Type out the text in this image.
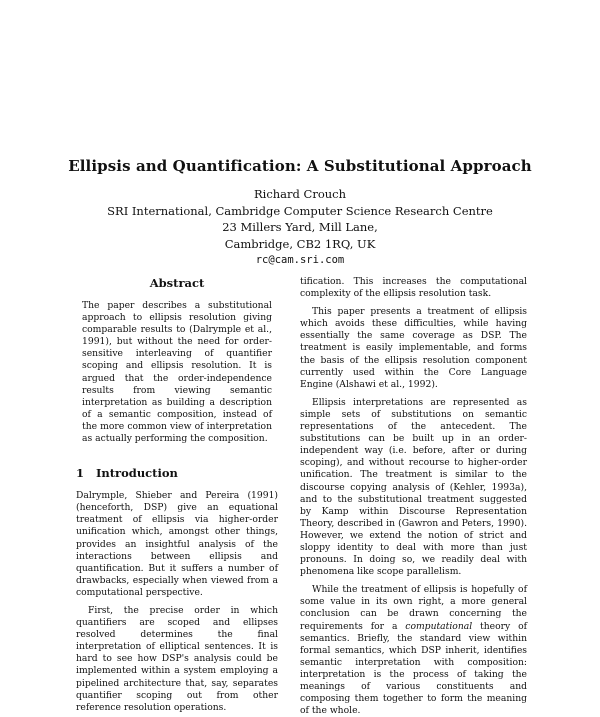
Ellipsis and Quantification: A Substitutional Approach
Richard Crouch
SRI International, Cambridge Computer Science Research Centre
23 Millers Yard, Mill Lane,
Cambridge, CB2 1RQ, UK
rc@cam.sri.com
Abstract

The paper describes a substitutional approach to ellipsis resolution giving comparable results to (Dalrymple et al., 1991), but without the need for order-sensitive interleaving of quantifier scoping and ellipsis resolution. It is argued that the order-independence results from viewing semantic interpretation as building a description of a semantic composition, instead of the more common view of interpretation as actually performing the composition.

1 Introduction

Dalrymple, Shieber and Pereira (1991) (henceforth, DSP) give an equational treatment of ellipsis via higher-order unification which, amongst other things, provides an insightful analysis of the interactions between ellipsis and quantification. But it suffers a number of drawbacks, especially when viewed from a computational perspective.

First, the precise order in which quantifiers are scoped and ellipses resolved determines the final interpretation of elliptical sentences. It is hard to see how DSP's analysis could be implemented within a system employing a pipelined architecture that, say, separates quantifier scoping out from other reference resolution operations.

tification. This increases the computational complexity of the ellipsis resolution task.

This paper presents a treatment of ellipsis which avoids these difficulties, while having essentially the same coverage as DSP. The treatment is easily implementable, and forms the basis of the ellipsis resolution component currently used within the Core Language Engine (Alshawi et al., 1992).

Ellipsis interpretations are represented as simple sets of substitutions on semantic representations of the antecedent. The substitutions can be built up in an order-independent way (i.e. before, after or during scoping), and without recourse to higher-order unification. The treatment is similar to the discourse copying analysis of (Kehler, 1993a), and to the substitutional treatment suggested by Kamp within Discourse Representation Theory, described in (Gawron and Peters, 1990). However, we extend the notion of strict and sloppy identity to deal with more than just pronouns. In doing so, we readily deal with phenomena like scope parallelism.

While the treatment of ellipsis is hopefully of some value in its own right, a more general conclusion can be drawn concerning the requirements for a computational theory of semantics. Briefly, the standard view within formal semantics, which DSP inherit, identifies semantic interpretation with composition: interpretation is the process of taking the meanings of various constituents and composing them together to form the meaning of the whole.
